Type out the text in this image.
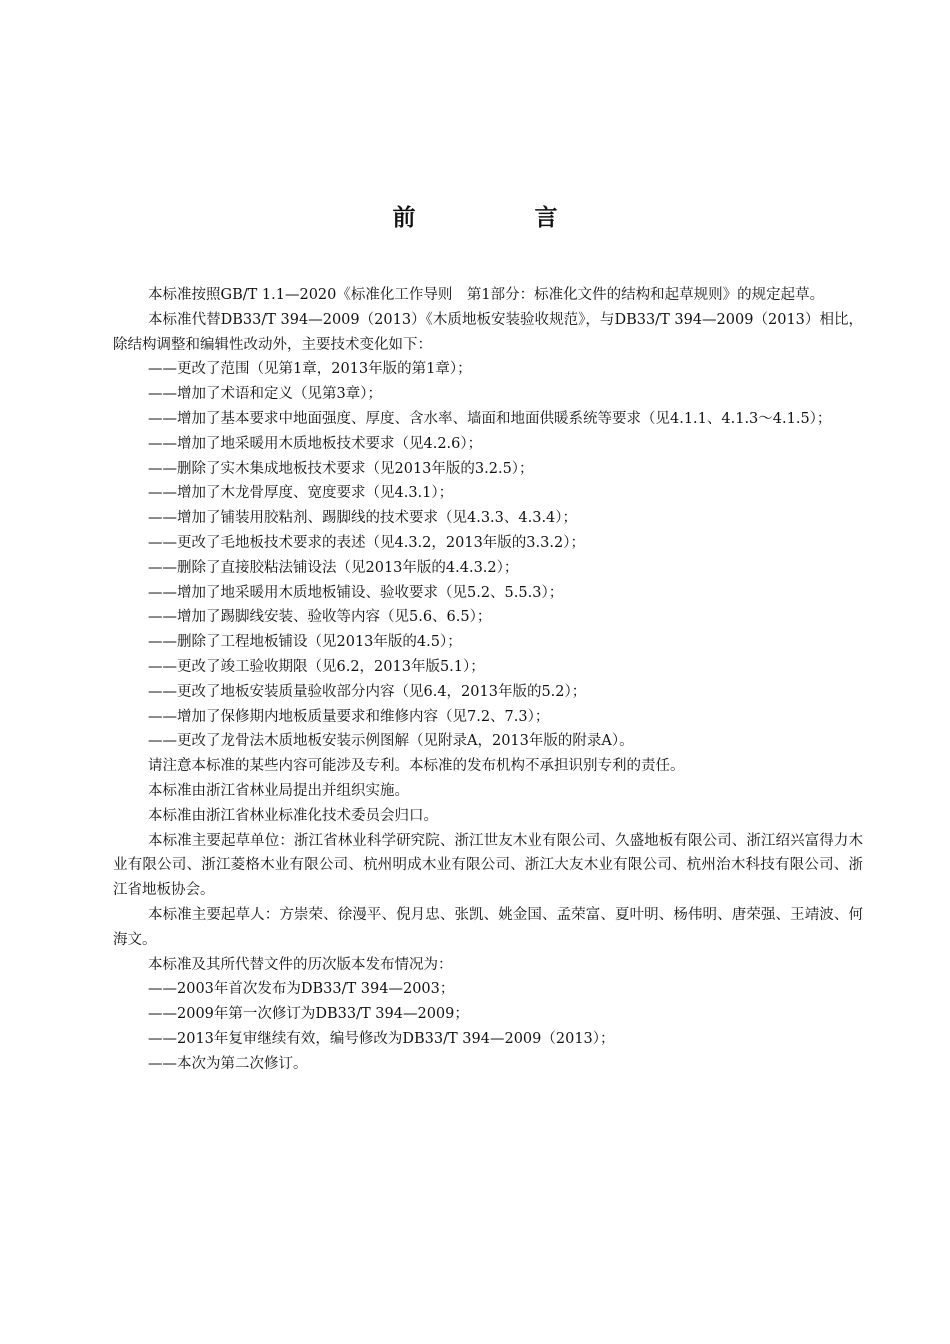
前　言

本标准按照GB/T 1.1—2020《标准化工作导则　第1部分：标准化文件的结构和起草规则》的规定起草。

本标准代替DB33/T 394—2009（2013）《木质地板安装验收规范》，与DB33/T 394—2009（2013）相比，除结构调整和编辑性改动外，主要技术变化如下：

——更改了范围（见第1章，2013年版的第1章）；

——增加了术语和定义（见第3章）；

——增加了基本要求中地面强度、厚度、含水率、墙面和地面供暖系统等要求（见4.1.1、4.1.3～4.1.5）；

——增加了地采暖用木质地板技术要求（见4.2.6）；

——删除了实木集成地板技术要求（见2013年版的3.2.5）；

——增加了木龙骨厚度、宽度要求（见4.3.1）；

——增加了铺装用胶粘剂、踢脚线的技术要求（见4.3.3、4.3.4）；

——更改了毛地板技术要求的表述（见4.3.2，2013年版的3.3.2）；

——删除了直接胶粘法铺设法（见2013年版的4.4.3.2）；

——增加了地采暖用木质地板铺设、验收要求（见5.2、5.5.3）；

——增加了踢脚线安装、验收等内容（见5.6、6.5）；

——删除了工程地板铺设（见2013年版的4.5）；

——更改了竣工验收期限（见6.2，2013年版5.1）；

——更改了地板安装质量验收部分内容（见6.4，2013年版的5.2）；

——增加了保修期内地板质量要求和维修内容（见7.2、7.3）；

——更改了龙骨法木质地板安装示例图解（见附录A，2013年版的附录A）。

请注意本标准的某些内容可能涉及专利。本标准的发布机构不承担识别专利的责任。

本标准由浙江省林业局提出并组织实施。

本标准由浙江省林业标准化技术委员会归口。

本标准主要起草单位：浙江省林业科学研究院、浙江世友木业有限公司、久盛地板有限公司、浙江绍兴富得力木业有限公司、浙江菱格木业有限公司、杭州明成木业有限公司、浙江大友木业有限公司、杭州治木科技有限公司、浙江省地板协会。

本标准主要起草人：方崇荣、徐漫平、倪月忠、张凯、姚金国、孟荣富、夏叶明、杨伟明、唐荣强、王靖波、何海文。

本标准及其所代替文件的历次版本发布情况为：

——2003年首次发布为DB33/T 394—2003；

——2009年第一次修订为DB33/T 394—2009；

——2013年复审继续有效，编号修改为DB33/T 394—2009（2013）；

——本次为第二次修订。
